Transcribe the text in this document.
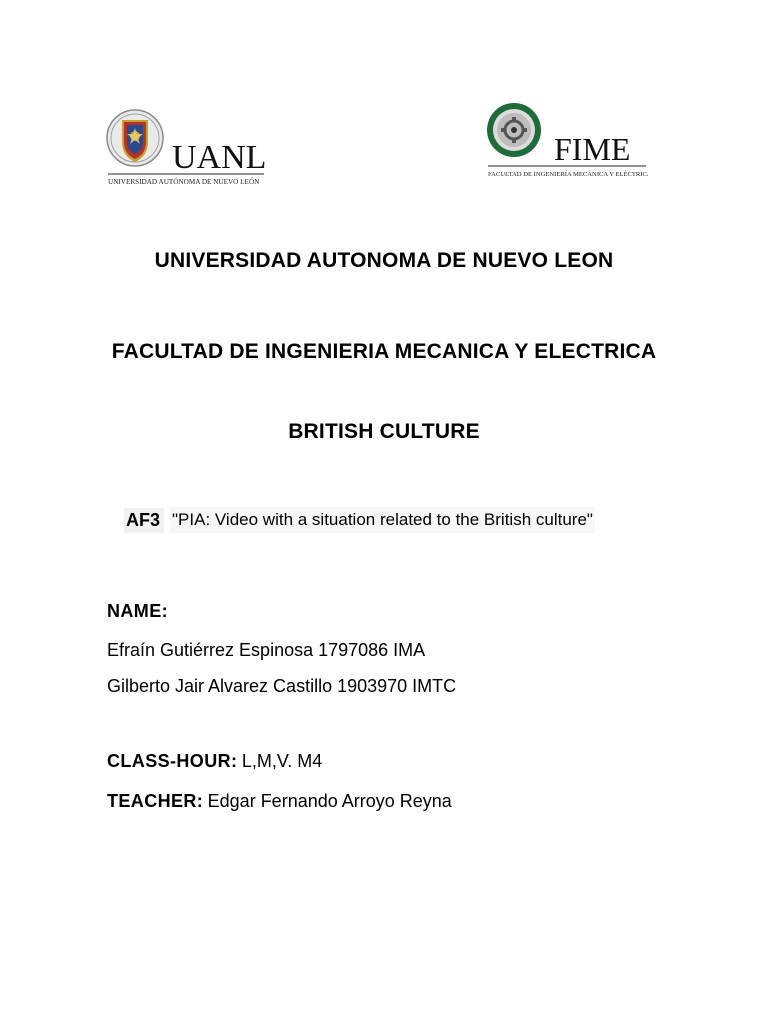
UANL
UNIVERSIDAD AUTÓNOMA DE NUEVO LEÓN
FIME
FACULTAD DE INGENIERÍA MECÁNICA Y ELÉCTRICA
UNIVERSIDAD AUTONOMA DE NUEVO LEON
FACULTAD DE INGENIERIA MECANICA Y ELECTRICA
BRITISH CULTURE
AF3 "PIA: Video with a situation related to the British culture"
NAME:
Efraín Gutiérrez Espinosa 1797086 IMA
Gilberto Jair Alvarez Castillo 1903970 IMTC
CLASS-HOUR: L,M,V. M4
TEACHER: Edgar Fernando Arroyo Reyna
